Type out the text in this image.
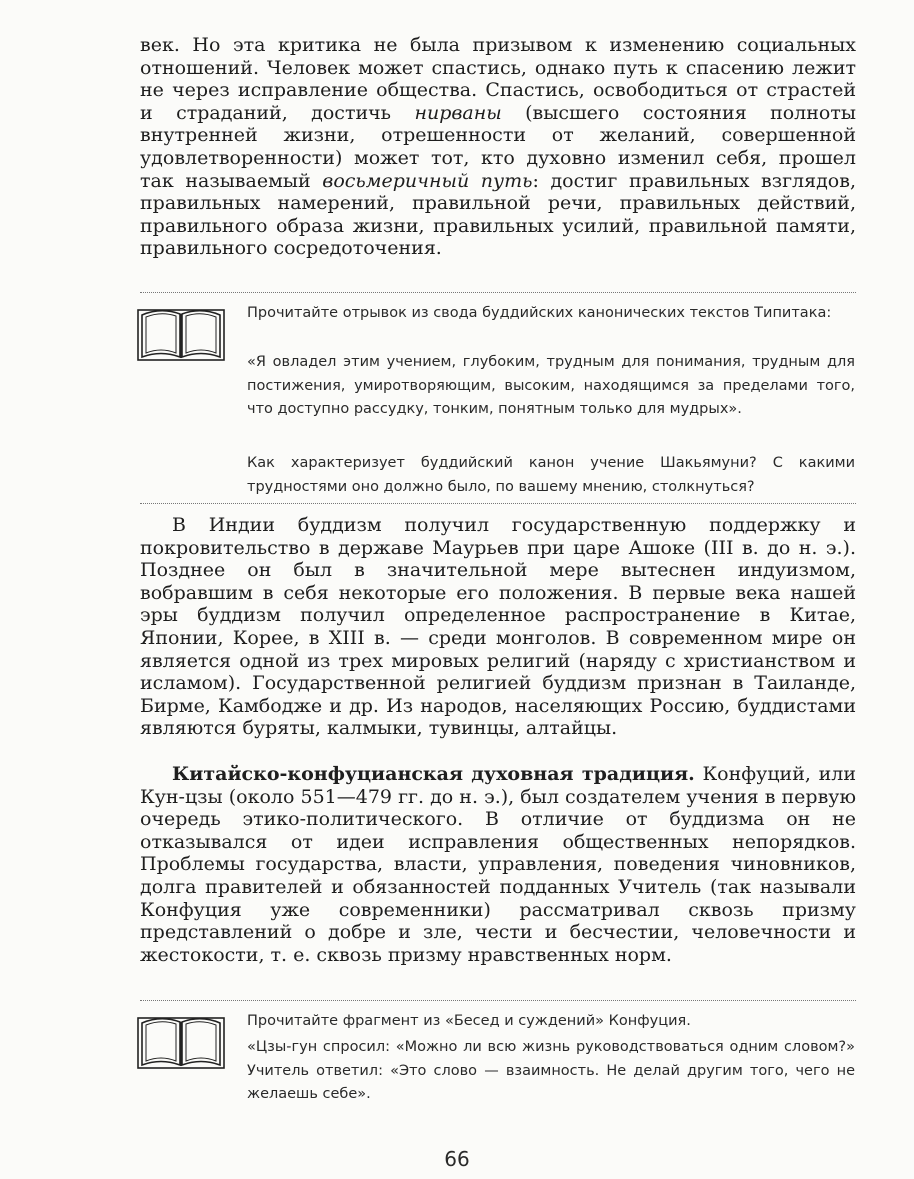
век. Но эта критика не была призывом к изменению социальных отношений. Человек может спастись, однако путь к спасению лежит не через исправление общества. Спастись, освободиться от страстей и страданий, достичь нирваны (высшего состояния полноты внутренней жизни, отрешенности от желаний, совершенной удовлетворенности) может тот, кто духовно изменил себя, прошел так называемый восьмеричный путь: достиг правильных взглядов, правильных намерений, правильной речи, правильных действий, правильного образа жизни, правильных усилий, правильной памяти, правильного сосредоточения.

Прочитайте отрывок из свода буддийских канонических текстов Типитака:

«Я овладел этим учением, глубоким, трудным для понимания, трудным для постижения, умиротворяющим, высоким, находящимся за пределами того, что доступно рассудку, тонким, понятным только для мудрых».

Как характеризует буддийский канон учение Шакьямуни? С какими трудностями оно должно было, по вашему мнению, столкнуться?

В Индии буддизм получил государственную поддержку и покровительство в державе Маурьев при царе Ашоке (III в. до н. э.). Позднее он был в значительной мере вытеснен индуизмом, вобравшим в себя некоторые его положения. В первые века нашей эры буддизм получил определенное распространение в Китае, Японии, Корее, в XIII в. — среди монголов. В современном мире он является одной из трех мировых религий (наряду с христианством и исламом). Государственной религией буддизм признан в Таиланде, Бирме, Камбодже и др. Из народов, населяющих Россию, буддистами являются буряты, калмыки, тувинцы, алтайцы.

Китайско-конфуцианская духовная традиция. Конфуций, или Кун-цзы (около 551—479 гг. до н. э.), был создателем учения в первую очередь этико-политического. В отличие от буддизма он не отказывался от идеи исправления общественных непорядков. Проблемы государства, власти, управления, поведения чиновников, долга правителей и обязанностей подданных Учитель (так называли Конфуция уже современники) рассматривал сквозь призму представлений о добре и зле, чести и бесчестии, человечности и жестокости, т. е. сквозь призму нравственных норм.

Прочитайте фрагмент из «Бесед и суждений» Конфуция.

«Цзы-гун спросил: «Можно ли всю жизнь руководствоваться одним словом?» Учитель ответил: «Это слово — взаимность. Не делай другим того, чего не желаешь себе».

66
